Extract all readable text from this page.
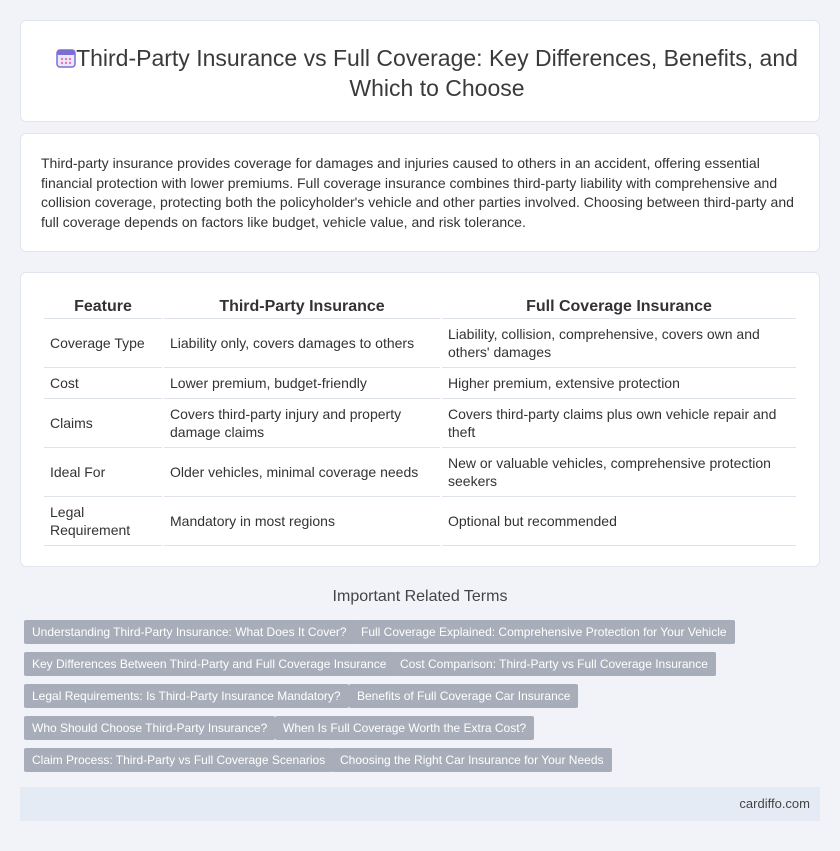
Third-Party Insurance vs Full Coverage: Key Differences, Benefits, and Which to Choose

Third-party insurance provides coverage for damages and injuries caused to others in an accident, offering essential financial protection with lower premiums. Full coverage insurance combines third-party liability with comprehensive and collision coverage, protecting both the policyholder's vehicle and other parties involved. Choosing between third-party and full coverage depends on factors like budget, vehicle value, and risk tolerance.

Feature	Third-Party Insurance	Full Coverage Insurance
Coverage Type	Liability only, covers damages to others	Liability, collision, comprehensive, covers own and others' damages
Cost	Lower premium, budget-friendly	Higher premium, extensive protection
Claims	Covers third-party injury and property damage claims	Covers third-party claims plus own vehicle repair and theft
Ideal For	Older vehicles, minimal coverage needs	New or valuable vehicles, comprehensive protection seekers
Legal Requirement	Mandatory in most regions	Optional but recommended
Important Related Terms
Understanding Third-Party Insurance: What Does It Cover?	Full Coverage Explained: Comprehensive Protection for Your Vehicle
Key Differences Between Third-Party and Full Coverage Insurance	Cost Comparison: Third-Party vs Full Coverage Insurance
Legal Requirements: Is Third-Party Insurance Mandatory?	Benefits of Full Coverage Car Insurance
Who Should Choose Third-Party Insurance?	When Is Full Coverage Worth the Extra Cost?
Claim Process: Third-Party vs Full Coverage Scenarios	Choosing the Right Car Insurance for Your Needs
cardiffo.com
